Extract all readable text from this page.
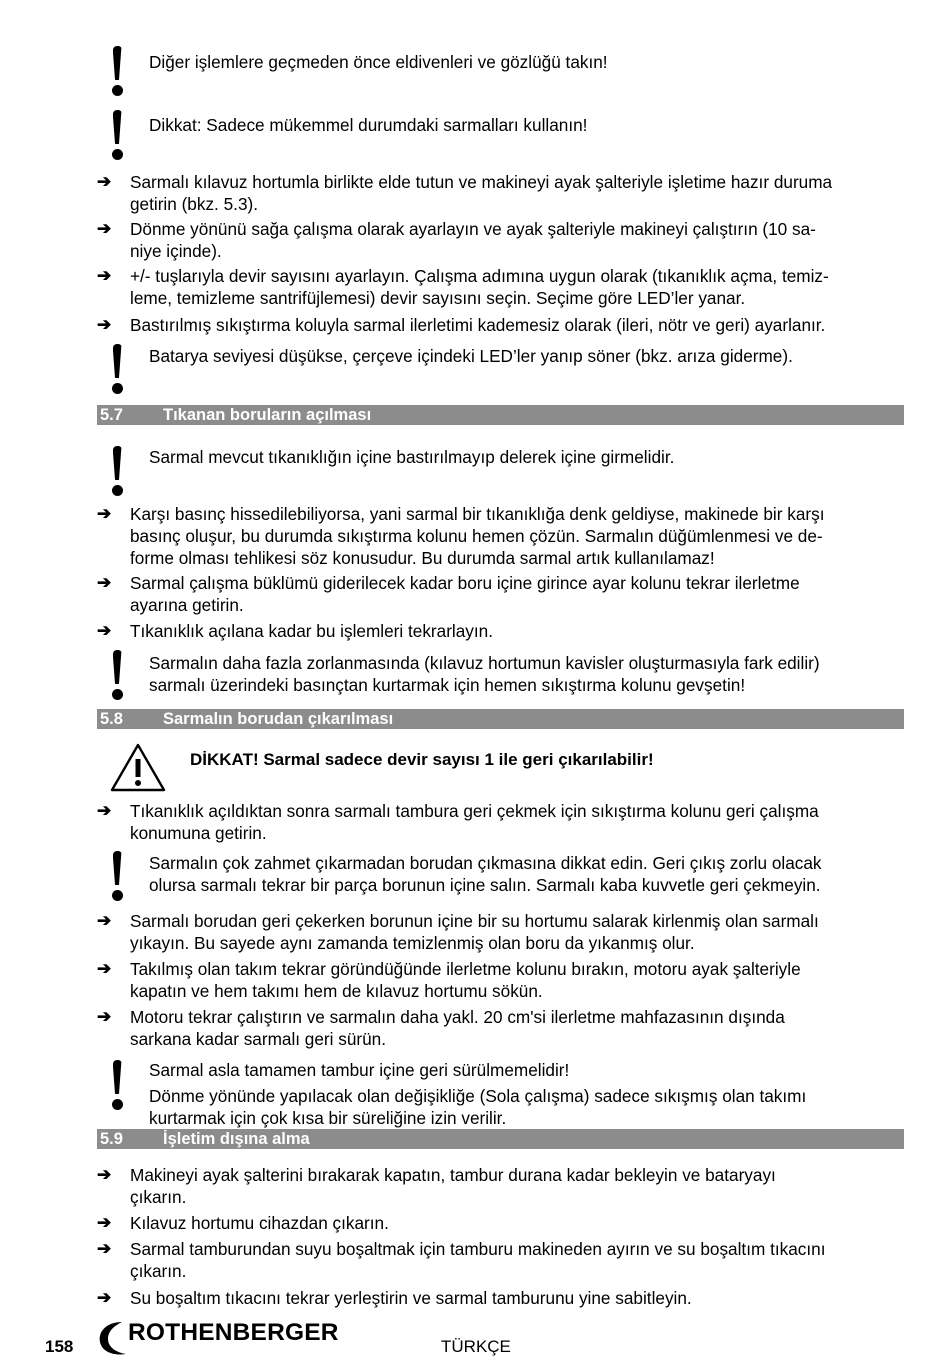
Diğer işlemlere geçmeden önce eldivenleri ve gözlüğü takın!
Dikkat: Sadece mükemmel durumdaki sarmalları kullanın!
➔	Sarmalı kılavuz hortumla birlikte elde tutun ve makineyi ayak şalteriyle işletime hazır duruma
getirin (bkz. 5.3).
➔	Dönme yönünü sağa çalışma olarak ayarlayın ve ayak şalteriyle makineyi çalıştırın (10 sa-
niye içinde).
➔	+/- tuşlarıyla devir sayısını ayarlayın. Çalışma adımına uygun olarak (tıkanıklık açma, temiz-
leme, temizleme santrifüjlemesi) devir sayısını seçin. Seçime göre LED’ler yanar.
➔	Bastırılmış sıkıştırma koluyla sarmal ilerletimi kademesiz olarak (ileri, nötr ve geri) ayarlanır.
Batarya seviyesi düşükse, çerçeve içindeki LED’ler yanıp söner (bkz. arıza giderme).
5.7 Tıkanan boruların açılması
Sarmal mevcut tıkanıklığın içine bastırılmayıp delerek içine girmelidir.
➔	Karşı basınç hissedilebiliyorsa, yani sarmal bir tıkanıklığa denk geldiyse, makinede bir karşı
basınç oluşur, bu durumda sıkıştırma kolunu hemen çözün. Sarmalın düğümlenmesi ve de-
forme olması tehlikesi söz konusudur. Bu durumda sarmal artık kullanılamaz!
➔	Sarmal çalışma büklümü giderilecek kadar boru içine girince ayar kolunu tekrar ilerletme
ayarına getirin.
➔	Tıkanıklık açılana kadar bu işlemleri tekrarlayın.
Sarmalın daha fazla zorlanmasında (kılavuz hortumun kavisler oluşturmasıyla fark edilir)
sarmalı üzerindeki basınçtan kurtarmak için hemen sıkıştırma kolunu gevşetin!
5.8 Sarmalın borudan çıkarılması
DİKKAT! Sarmal sadece devir sayısı 1 ile geri çıkarılabilir!
➔	Tıkanıklık açıldıktan sonra sarmalı tambura geri çekmek için sıkıştırma kolunu geri çalışma
konumuna getirin.
Sarmalın çok zahmet çıkarmadan borudan çıkmasına dikkat edin. Geri çıkış zorlu olacak
olursa sarmalı tekrar bir parça borunun içine salın. Sarmalı kaba kuvvetle geri çekmeyin.
➔	Sarmalı borudan geri çekerken borunun içine bir su hortumu salarak kirlenmiş olan sarmalı
yıkayın. Bu sayede aynı zamanda temizlenmiş olan boru da yıkanmış olur.
➔	Takılmış olan takım tekrar göründüğünde ilerletme kolunu bırakın, motoru ayak şalteriyle
kapatın ve hem takımı hem de kılavuz hortumu sökün.
➔	Motoru tekrar çalıştırın ve sarmalın daha yakl. 20 cm'si ilerletme mahfazasının dışında
sarkana kadar sarmalı geri sürün.
Sarmal asla tamamen tambur içine geri sürülmemelidir!
Dönme yönünde yapılacak olan değişikliğe (Sola çalışma) sadece sıkışmış olan takımı
kurtarmak için çok kısa bir süreliğine izin verilir.
5.9 İşletim dışına alma
➔	Makineyi ayak şalterini bırakarak kapatın, tambur durana kadar bekleyin ve bataryayı
çıkarın.
➔	Kılavuz hortumu cihazdan çıkarın.
➔	Sarmal tamburundan suyu boşaltmak için tamburu makineden ayırın ve su boşaltım tıkacını
çıkarın.
➔	Su boşaltım tıkacını tekrar yerleştirin ve sarmal tamburunu yine sabitleyin.
158
ROTHENBERGER
TÜRKÇE
